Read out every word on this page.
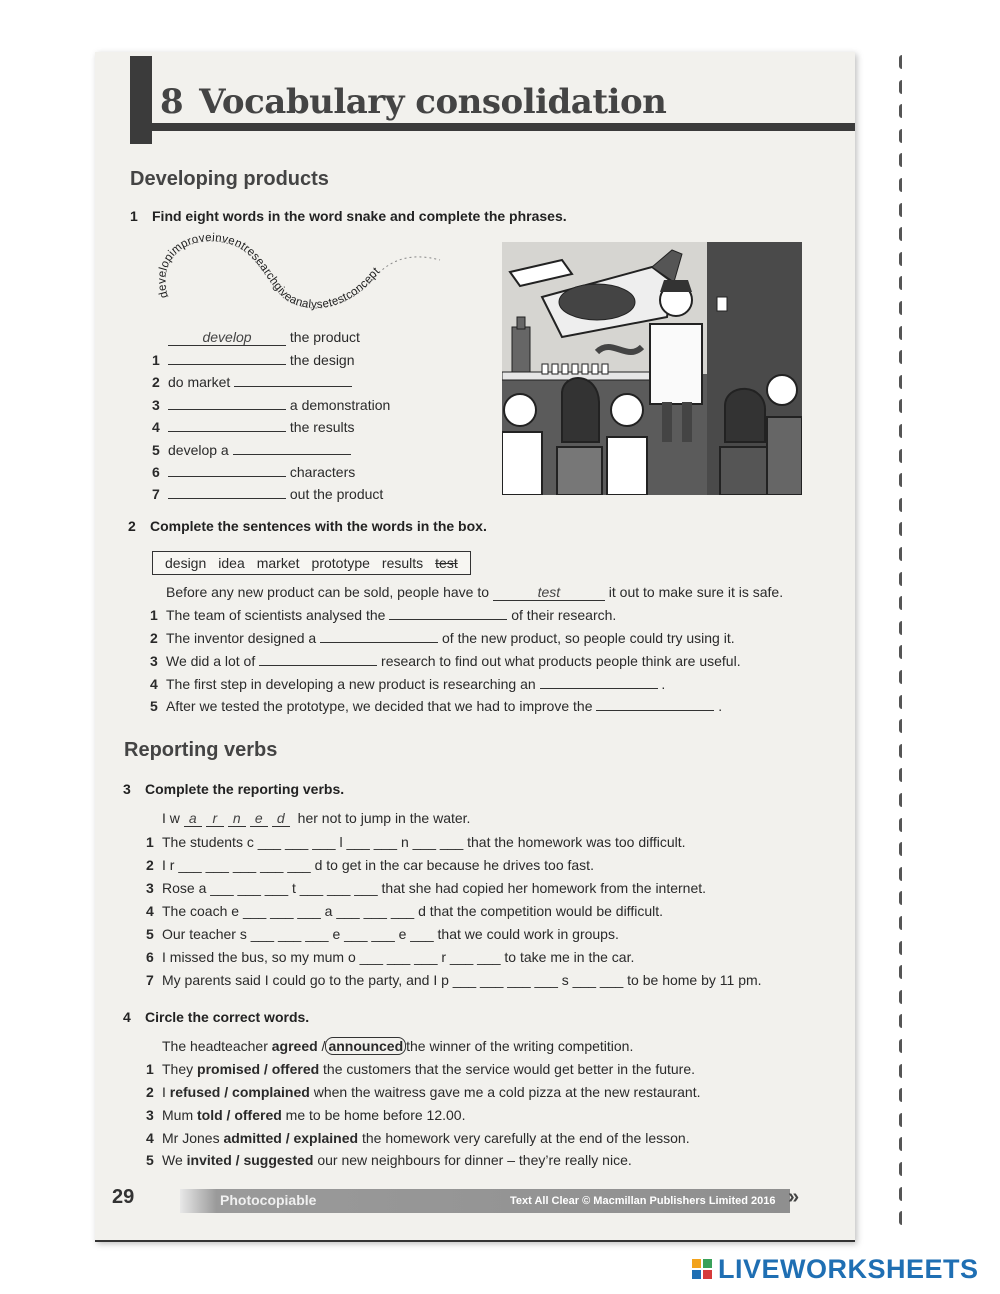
8 Vocabulary consolidation
Developing products
1 Find eight words in the word snake and complete the phrases.
developimproveinventresearchgiveanalysetestconcept
develop	the product
1	the design
2 do market
3	a demonstration
4	the results
5 develop a
6	characters
7	out the product
2 Complete the sentences with the words in the box.
design idea market prototype results test
Before any new product can be sold, people have to	test	it out to make sure it is safe.
1 The team of scientists analysed the	of their research.
2 The inventor designed a	of the new product, so people could try using it.
3 We did a lot of	research to find out what products people think are useful.
4 The first step in developing a new product is researching an	.
5 After we tested the prototype, we decided that we had to improve the	.
Reporting verbs
3 Complete the reporting verbs.
I w a r n e d her not to jump in the water.
1 The students c ___ ___ ___ l ___ ___ n ___ ___ that the homework was too difficult.
2 I r ___ ___ ___ ___ ___ d to get in the car because he drives too fast.
3 Rose a ___ ___ ___ t ___ ___ ___ that she had copied her homework from the internet.
4 The coach e ___ ___ ___ a ___ ___ ___ d that the competition would be difficult.
5 Our teacher s ___ ___ ___ e ___ ___ e ___ that we could work in groups.
6 I missed the bus, so my mum o ___ ___ ___ r ___ ___ to take me in the car.
7 My parents said I could go to the party, and I p ___ ___ ___ ___ s ___ ___ to be home by 11 pm.
4 Circle the correct words.
The headteacher agreed / announced the winner of the writing competition.
1 They promised / offered the customers that the service would get better in the future.
2 I refused / complained when the waitress gave me a cold pizza at the new restaurant.
3 Mum told / offered me to be home before 12.00.
4 Mr Jones admitted / explained the homework very carefully at the end of the lesson.
5 We invited / suggested our new neighbours for dinner – they’re really nice.
29	Photocopiable	Text All Clear © Macmillan Publishers Limited 2016 »
LIVEWORKSHEETS
